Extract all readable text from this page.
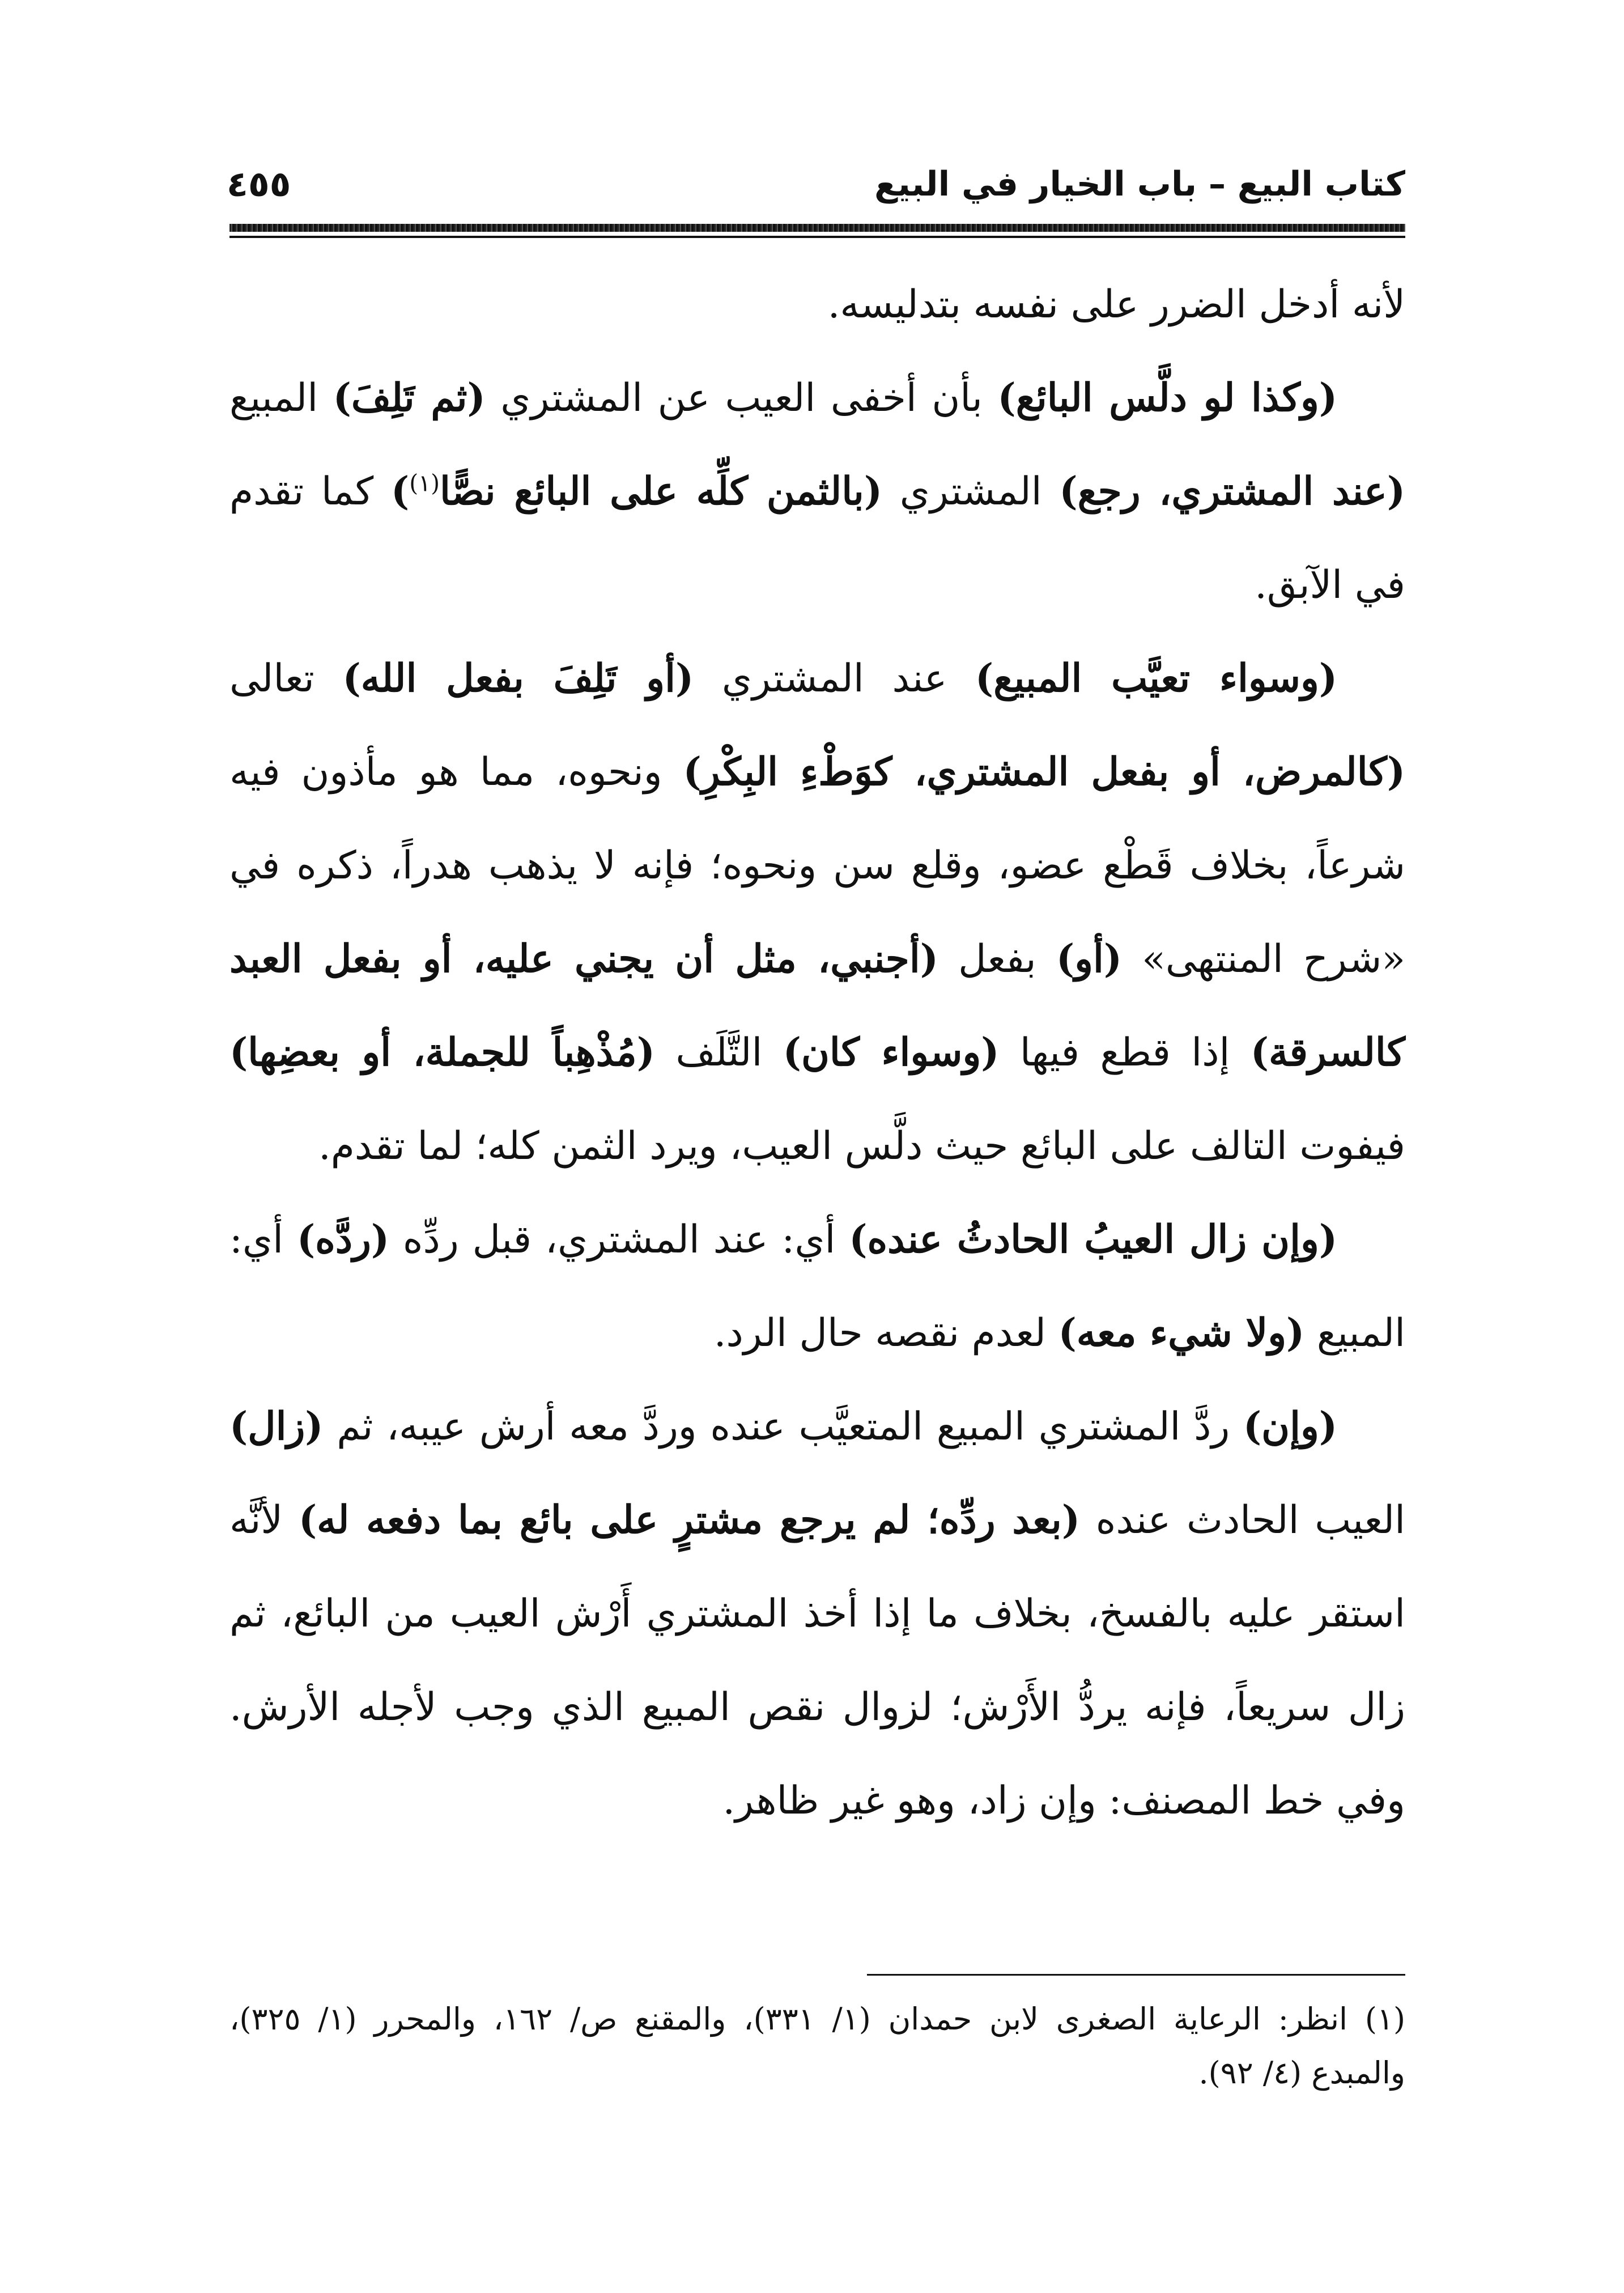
كتاب البيع – باب الخيار في البيع
٤٥٥

لأنه أدخل الضرر على نفسه بتدليسه.

(وكذا لو دلَّس البائع) بأن أخفى العيب عن المشتري (ثم تَلِفَ) المبيع (عند المشتري، رجع) المشتري (بالثمن كلِّه على البائع نصًّا$^{(١)}$) كما تقدم في الآبق.

(وسواء تعيَّب المبيع) عند المشتري (أو تَلِفَ بفعل الله) تعالى (كالمرض، أو بفعل المشتري، كوَطْءِ البِكْرِ) ونحوه، مما هو مأذون فيه شرعاً، بخلاف قَطْع عضو، وقلع سن ونحوه؛ فإنه لا يذهب هدراً، ذكره في «شرح المنتهى» (أو) بفعل (أجنبي، مثل أن يجني عليه، أو بفعل العبد كالسرقة) إذا قطع فيها (وسواء كان) التَّلَف (مُذْهِباً للجملة، أو بعضِها) فيفوت التالف على البائع حيث دلَّس العيب، ويرد الثمن كله؛ لما تقدم.

(وإن زال العيبُ الحادثُ عنده) أي: عند المشتري، قبل ردِّه (ردَّه) أي: المبيع (ولا شيء معه) لعدم نقصه حال الرد.

(وإن) ردَّ المشتري المبيع المتعيَّب عنده وردَّ معه أرش عيبه، ثم (زال) العيب الحادث عنده (بعد ردِّه؛ لم يرجع مشترٍ على بائع بما دفعه له) لأنَّه استقر عليه بالفسخ، بخلاف ما إذا أخذ المشتري أَرْش العيب من البائع، ثم زال سريعاً، فإنه يردُّ الأَرْش؛ لزوال نقص المبيع الذي وجب لأجله الأرش. وفي خط المصنف: وإن زاد، وهو غير ظاهر.

(١) انظر: الرعاية الصغرى لابن حمدان (١/ ٣٣١)، والمقنع ص/ ١٦٢، والمحرر (١/ ٣٢٥)، والمبدع (٤/ ٩٢).
